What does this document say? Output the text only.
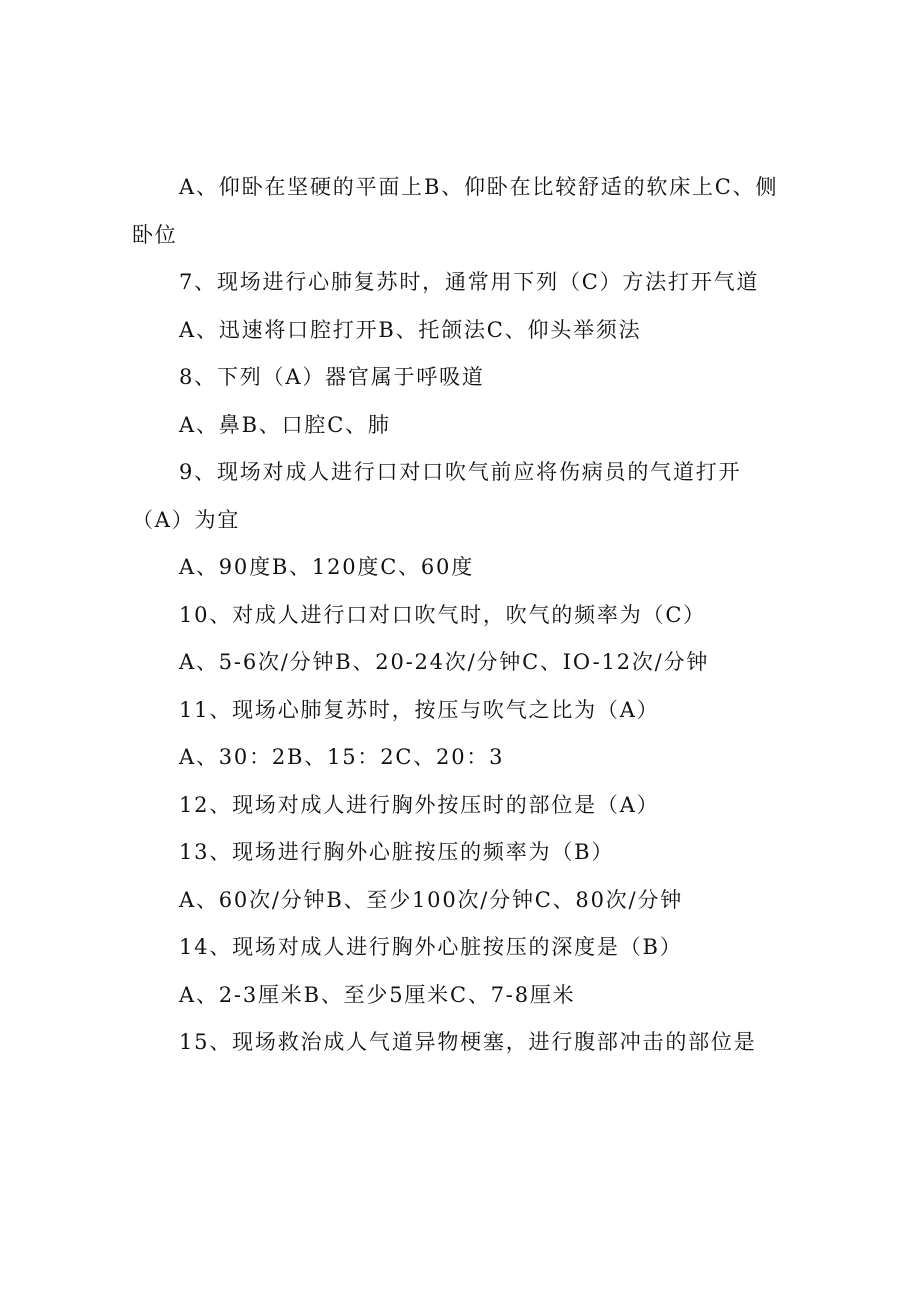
A、仰卧在坚硬的平面上B、仰卧在比较舒适的软床上C、侧卧位

7、现场进行心肺复苏时，通常用下列（C）方法打开气道

A、迅速将口腔打开B、托颌法C、仰头举须法

8、下列（A）器官属于呼吸道

A、鼻B、口腔C、肺

9、现场对成人进行口对口吹气前应将伤病员的气道打开（A）为宜

A、90度B、120度C、60度

10、对成人进行口对口吹气时，吹气的频率为（C）

A、5-6次/分钟B、20-24次/分钟C、IO-12次/分钟

11、现场心肺复苏时，按压与吹气之比为（A）

A、30：2B、15：2C、20：3

12、现场对成人进行胸外按压时的部位是（A）

13、现场进行胸外心脏按压的频率为（B）

A、60次/分钟B、至少100次/分钟C、80次/分钟

14、现场对成人进行胸外心脏按压的深度是（B）

A、2-3厘米B、至少5厘米C、7-8厘米

15、现场救治成人气道异物梗塞，进行腹部冲击的部位是
